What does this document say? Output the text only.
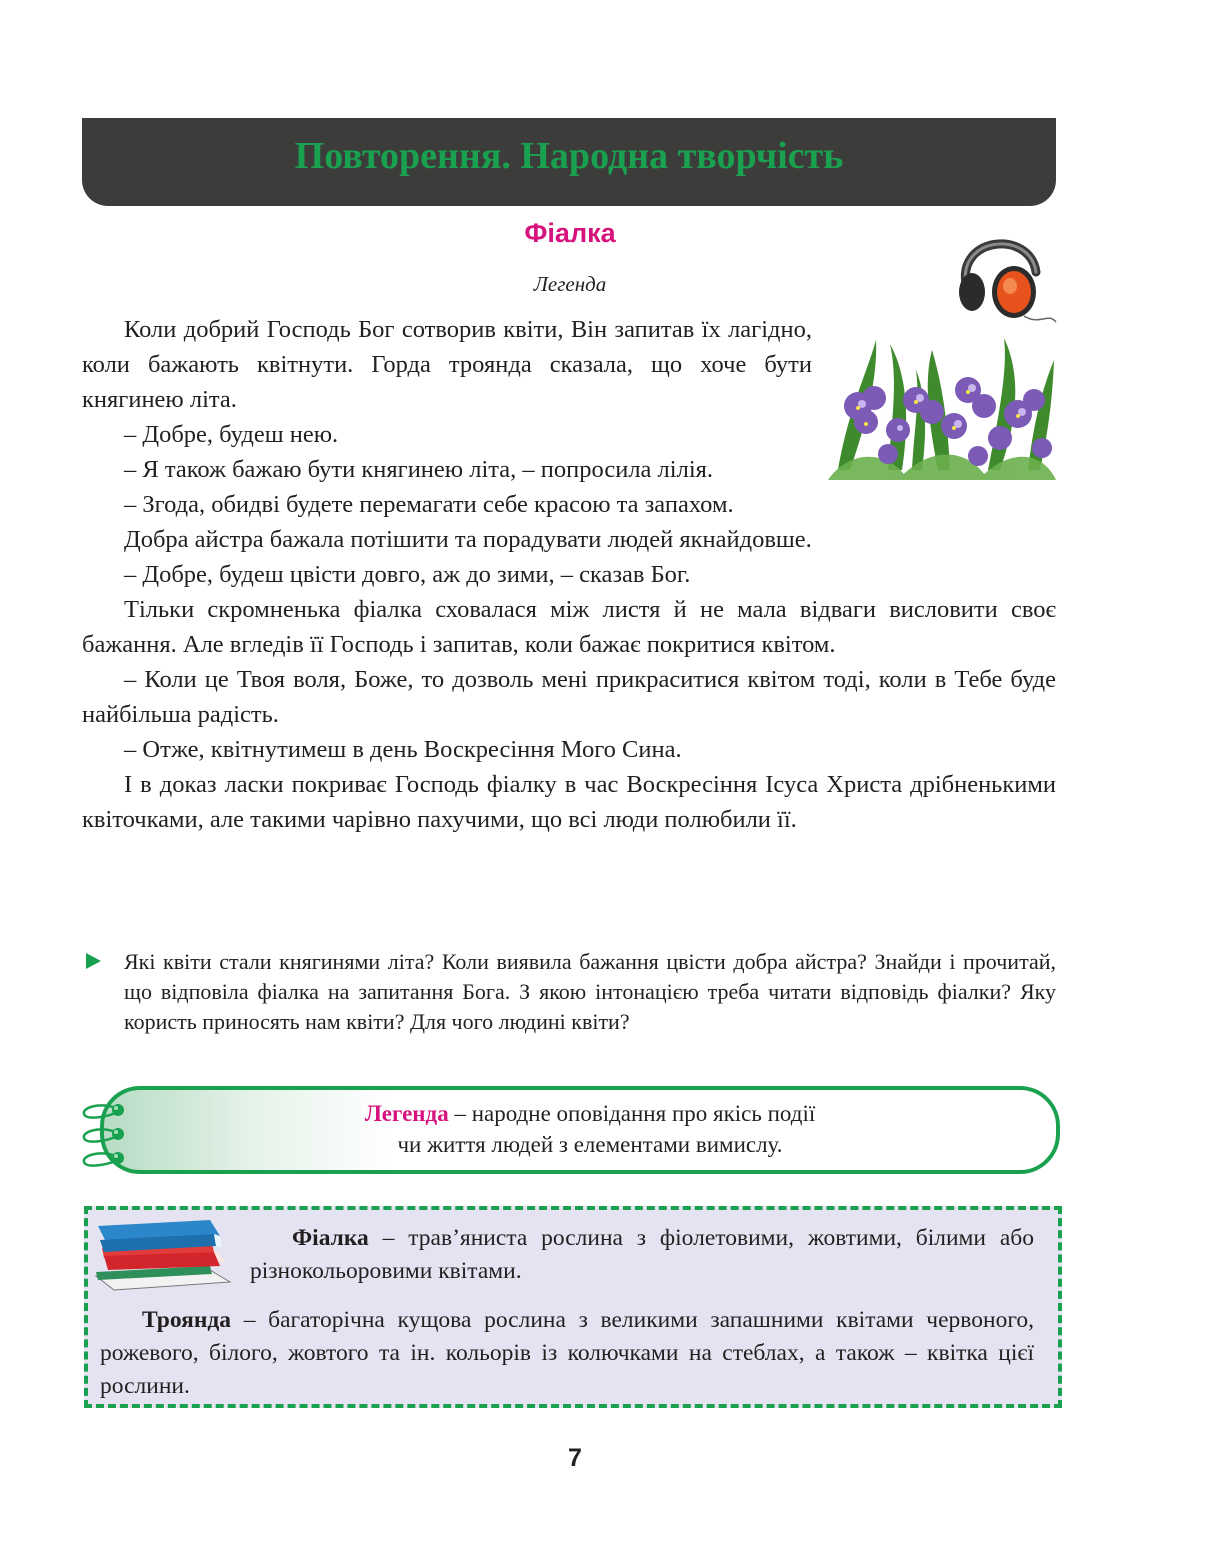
Повторення. Народна творчість
Фіалка
Легенда

Коли добрий Господь Бог сотворив квіти, Він запитав їх лагідно, коли бажають квітнути. Горда троянда сказала, що хоче бути княгинею літа.

– Добре, будеш нею.

– Я також бажаю бути княгинею літа, – попросила лілія.

– Згода, обидві будете перемагати себе красою та запахом.

Добра айстра бажала потішити та порадувати людей якнайдовше.

– Добре, будеш цвісти довго, аж до зими, – сказав Бог.

Тільки скромненька фіалка сховалася між листя й не мала відваги висловити своє бажання. Але вгледів її Господь і запитав, коли бажає покритися квітом.

– Коли це Твоя воля, Боже, то дозволь мені прикраситися квітом тоді, коли в Тебе буде найбільша радість.

– Отже, квітнутимеш в день Воскресіння Мого Сина.

І в доказ ласки покриває Господь фіалку в час Воскресіння Ісуса Христа дрібненькими квіточками, але такими чарівно пахучими, що всі люди полюбили її.

Які квіти стали княгинями літа? Коли виявила бажання цвісти добра айстра? Знайди і прочитай, що відповіла фіалка на запитання Бога. З якою інтонацією треба читати відповідь фіалки? Яку користь приносять нам квіти? Для чого людині квіти?
Легенда – народне оповідання про якісь події
чи життя людей з елементами вимислу.
Фіалка – трав’яниста рослина з фіолетовими, жовтими, білими або різнокольоровими квітами.
Троянда – багаторічна кущова рослина з великими запашними квітами червоного, рожевого, білого, жовтого та ін. кольорів із колючками на стеблах, а також – квітка цієї рослини.
7
